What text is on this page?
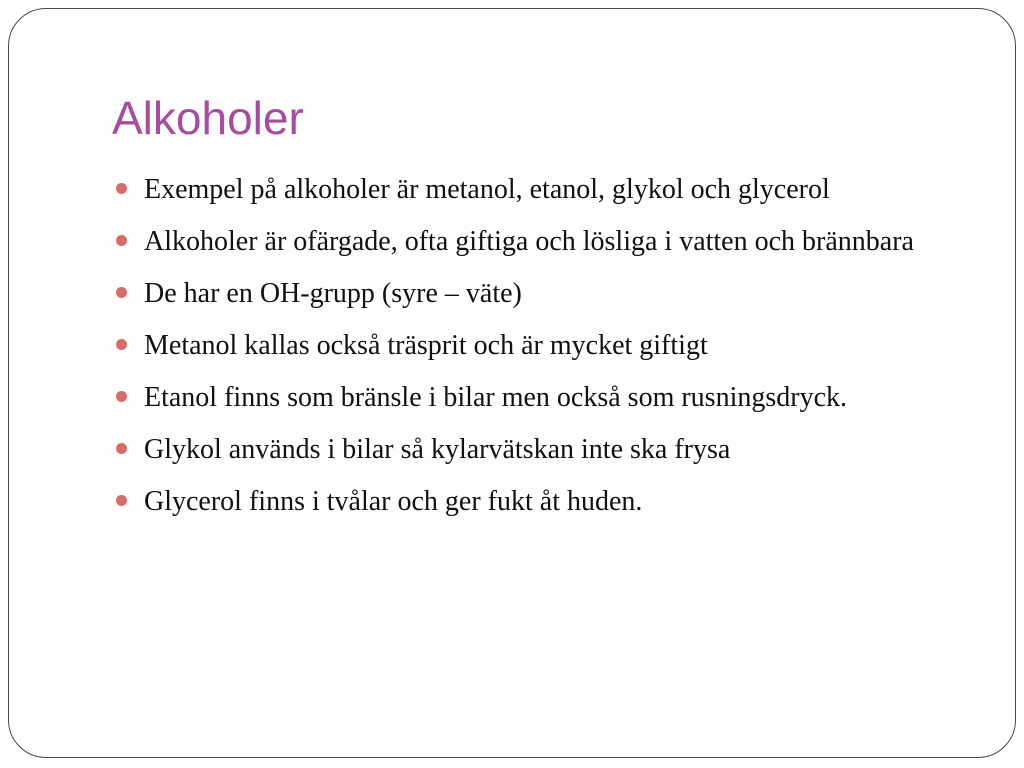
Alkoholer
Exempel på alkoholer är metanol, etanol, glykol och glycerol
Alkoholer är ofärgade, ofta giftiga och lösliga i vatten och brännbara
De har en OH-grupp (syre – väte)
Metanol kallas också träsprit och är mycket giftigt
Etanol finns som bränsle i bilar men också som rusningsdryck.
Glykol används i bilar så kylarvätskan inte ska frysa
Glycerol finns i tvålar och ger fukt åt huden.
